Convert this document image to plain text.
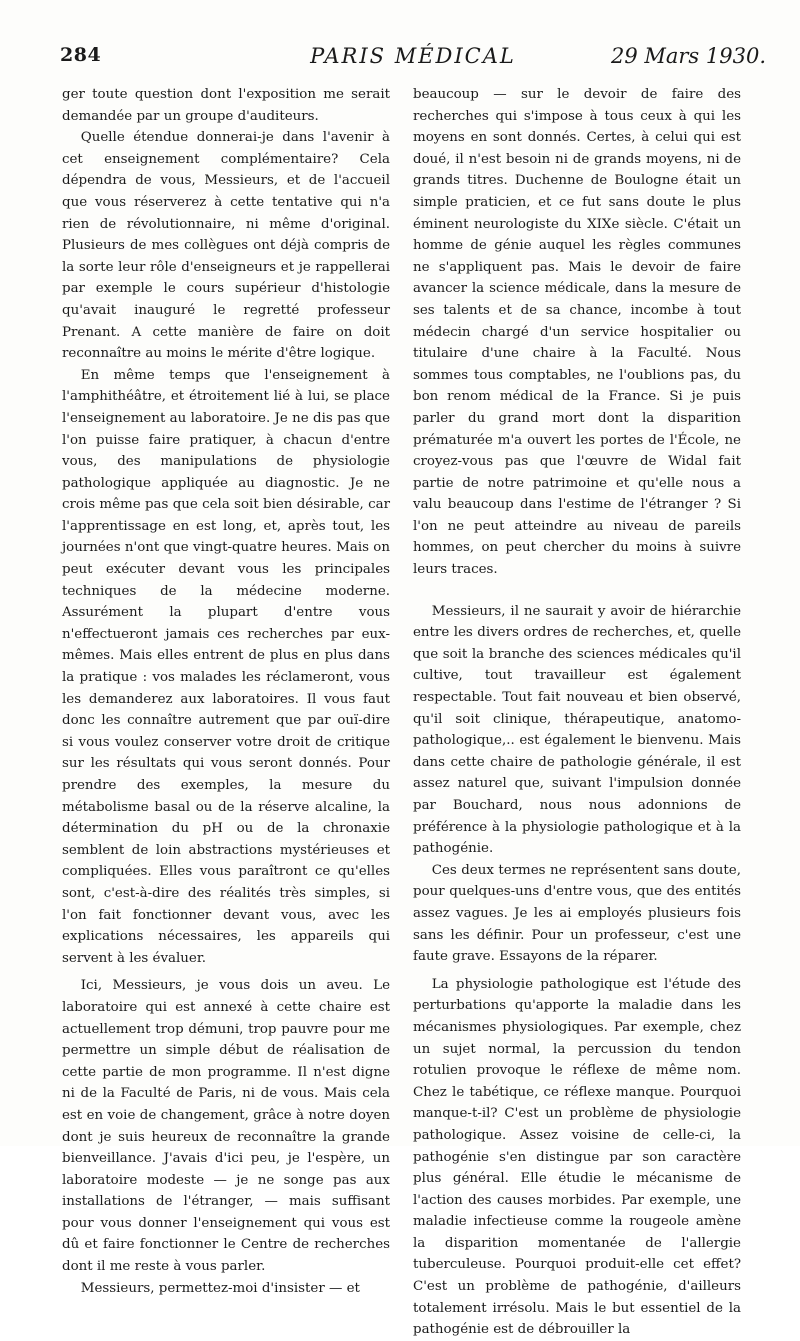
284	PARIS MÉDICAL	29 Mars 1930.

ger toute question dont l'exposition me serait demandée par un groupe d'auditeurs.

Quelle étendue donnerai-je dans l'avenir à cet enseignement complémentaire? Cela dépendra de vous, Messieurs, et de l'accueil que vous réserverez à cette tentative qui n'a rien de révolutionnaire, ni même d'original. Plusieurs de mes collègues ont déjà compris de la sorte leur rôle d'enseigneurs et je rappellerai par exemple le cours supérieur d'histologie qu'avait inauguré le regretté professeur Prenant. A cette manière de faire on doit reconnaître au moins le mérite d'être logique.

En même temps que l'enseignement à l'amphithéâtre, et étroitement lié à lui, se place l'enseignement au laboratoire. Je ne dis pas que l'on puisse faire pratiquer, à chacun d'entre vous, des manipulations de physiologie pathologique appliquée au diagnostic. Je ne crois même pas que cela soit bien désirable, car l'apprentissage en est long, et, après tout, les journées n'ont que vingt-quatre heures. Mais on peut exécuter devant vous les principales techniques de la médecine moderne. Assurément la plupart d'entre vous n'effectueront jamais ces recherches par eux-mêmes. Mais elles entrent de plus en plus dans la pratique : vos malades les réclameront, vous les demanderez aux laboratoires. Il vous faut donc les connaître autrement que par ouï-dire si vous voulez conserver votre droit de critique sur les résultats qui vous seront donnés. Pour prendre des exemples, la mesure du métabolisme basal ou de la réserve alcaline, la détermination du pH ou de la chronaxie semblent de loin abstractions mystérieuses et compliquées. Elles vous paraîtront ce qu'elles sont, c'est-à-dire des réalités très simples, si l'on fait fonctionner devant vous, avec les explications nécessaires, les appareils qui servent à les évaluer.

Ici, Messieurs, je vous dois un aveu. Le laboratoire qui est annexé à cette chaire est actuellement trop démuni, trop pauvre pour me permettre un simple début de réalisation de cette partie de mon programme. Il n'est digne ni de la Faculté de Paris, ni de vous. Mais cela est en voie de changement, grâce à notre doyen dont je suis heureux de reconnaître la grande bienveillance. J'avais d'ici peu, je l'espère, un laboratoire modeste — je ne songe pas aux installations de l'étranger, — mais suffisant pour vous donner l'enseignement qui vous est dû et faire fonctionner le Centre de recherches dont il me reste à vous parler.

Messieurs, permettez-moi d'insister — et

beaucoup — sur le devoir de faire des recherches qui s'impose à tous ceux à qui les moyens en sont donnés. Certes, à celui qui est doué, il n'est besoin ni de grands moyens, ni de grands titres. Duchenne de Boulogne était un simple praticien, et ce fut sans doute le plus éminent neurologiste du XIXe siècle. C'était un homme de génie auquel les règles communes ne s'appliquent pas. Mais le devoir de faire avancer la science médicale, dans la mesure de ses talents et de sa chance, incombe à tout médecin chargé d'un service hospitalier ou titulaire d'une chaire à la Faculté. Nous sommes tous comptables, ne l'oublions pas, du bon renom médical de la France. Si je puis parler du grand mort dont la disparition prématurée m'a ouvert les portes de l'École, ne croyez-vous pas que l'œuvre de Widal fait partie de notre patrimoine et qu'elle nous a valu beaucoup dans l'estime de l'étranger ? Si l'on ne peut atteindre au niveau de pareils hommes, on peut chercher du moins à suivre leurs traces.

Messieurs, il ne saurait y avoir de hiérarchie entre les divers ordres de recherches, et, quelle que soit la branche des sciences médicales qu'il cultive, tout travailleur est également respectable. Tout fait nouveau et bien observé, qu'il soit clinique, thérapeutique, anatomo-pathologique,.. est également le bienvenu. Mais dans cette chaire de pathologie générale, il est assez naturel que, suivant l'impulsion donnée par Bouchard, nous nous adonnions de préférence à la physiologie pathologique et à la pathogénie.

Ces deux termes ne représentent sans doute, pour quelques-uns d'entre vous, que des entités assez vagues. Je les ai employés plusieurs fois sans les définir. Pour un professeur, c'est une faute grave. Essayons de la réparer.

La physiologie pathologique est l'étude des perturbations qu'apporte la maladie dans les mécanismes physiologiques. Par exemple, chez un sujet normal, la percussion du tendon rotulien provoque le réflexe de même nom. Chez le tabétique, ce réflexe manque. Pourquoi manque-t-il? C'est un problème de physiologie pathologique. Assez voisine de celle-ci, la pathogénie s'en distingue par son caractère plus général. Elle étudie le mécanisme de l'action des causes morbides. Par exemple, une maladie infectieuse comme la rougeole amène la disparition momentanée de l'allergie tuberculeuse. Pourquoi produit-elle cet effet? C'est un problème de pathogénie, d'ailleurs totalement irrésolu. Mais le but essentiel de la pathogénie est de débrouiller la
